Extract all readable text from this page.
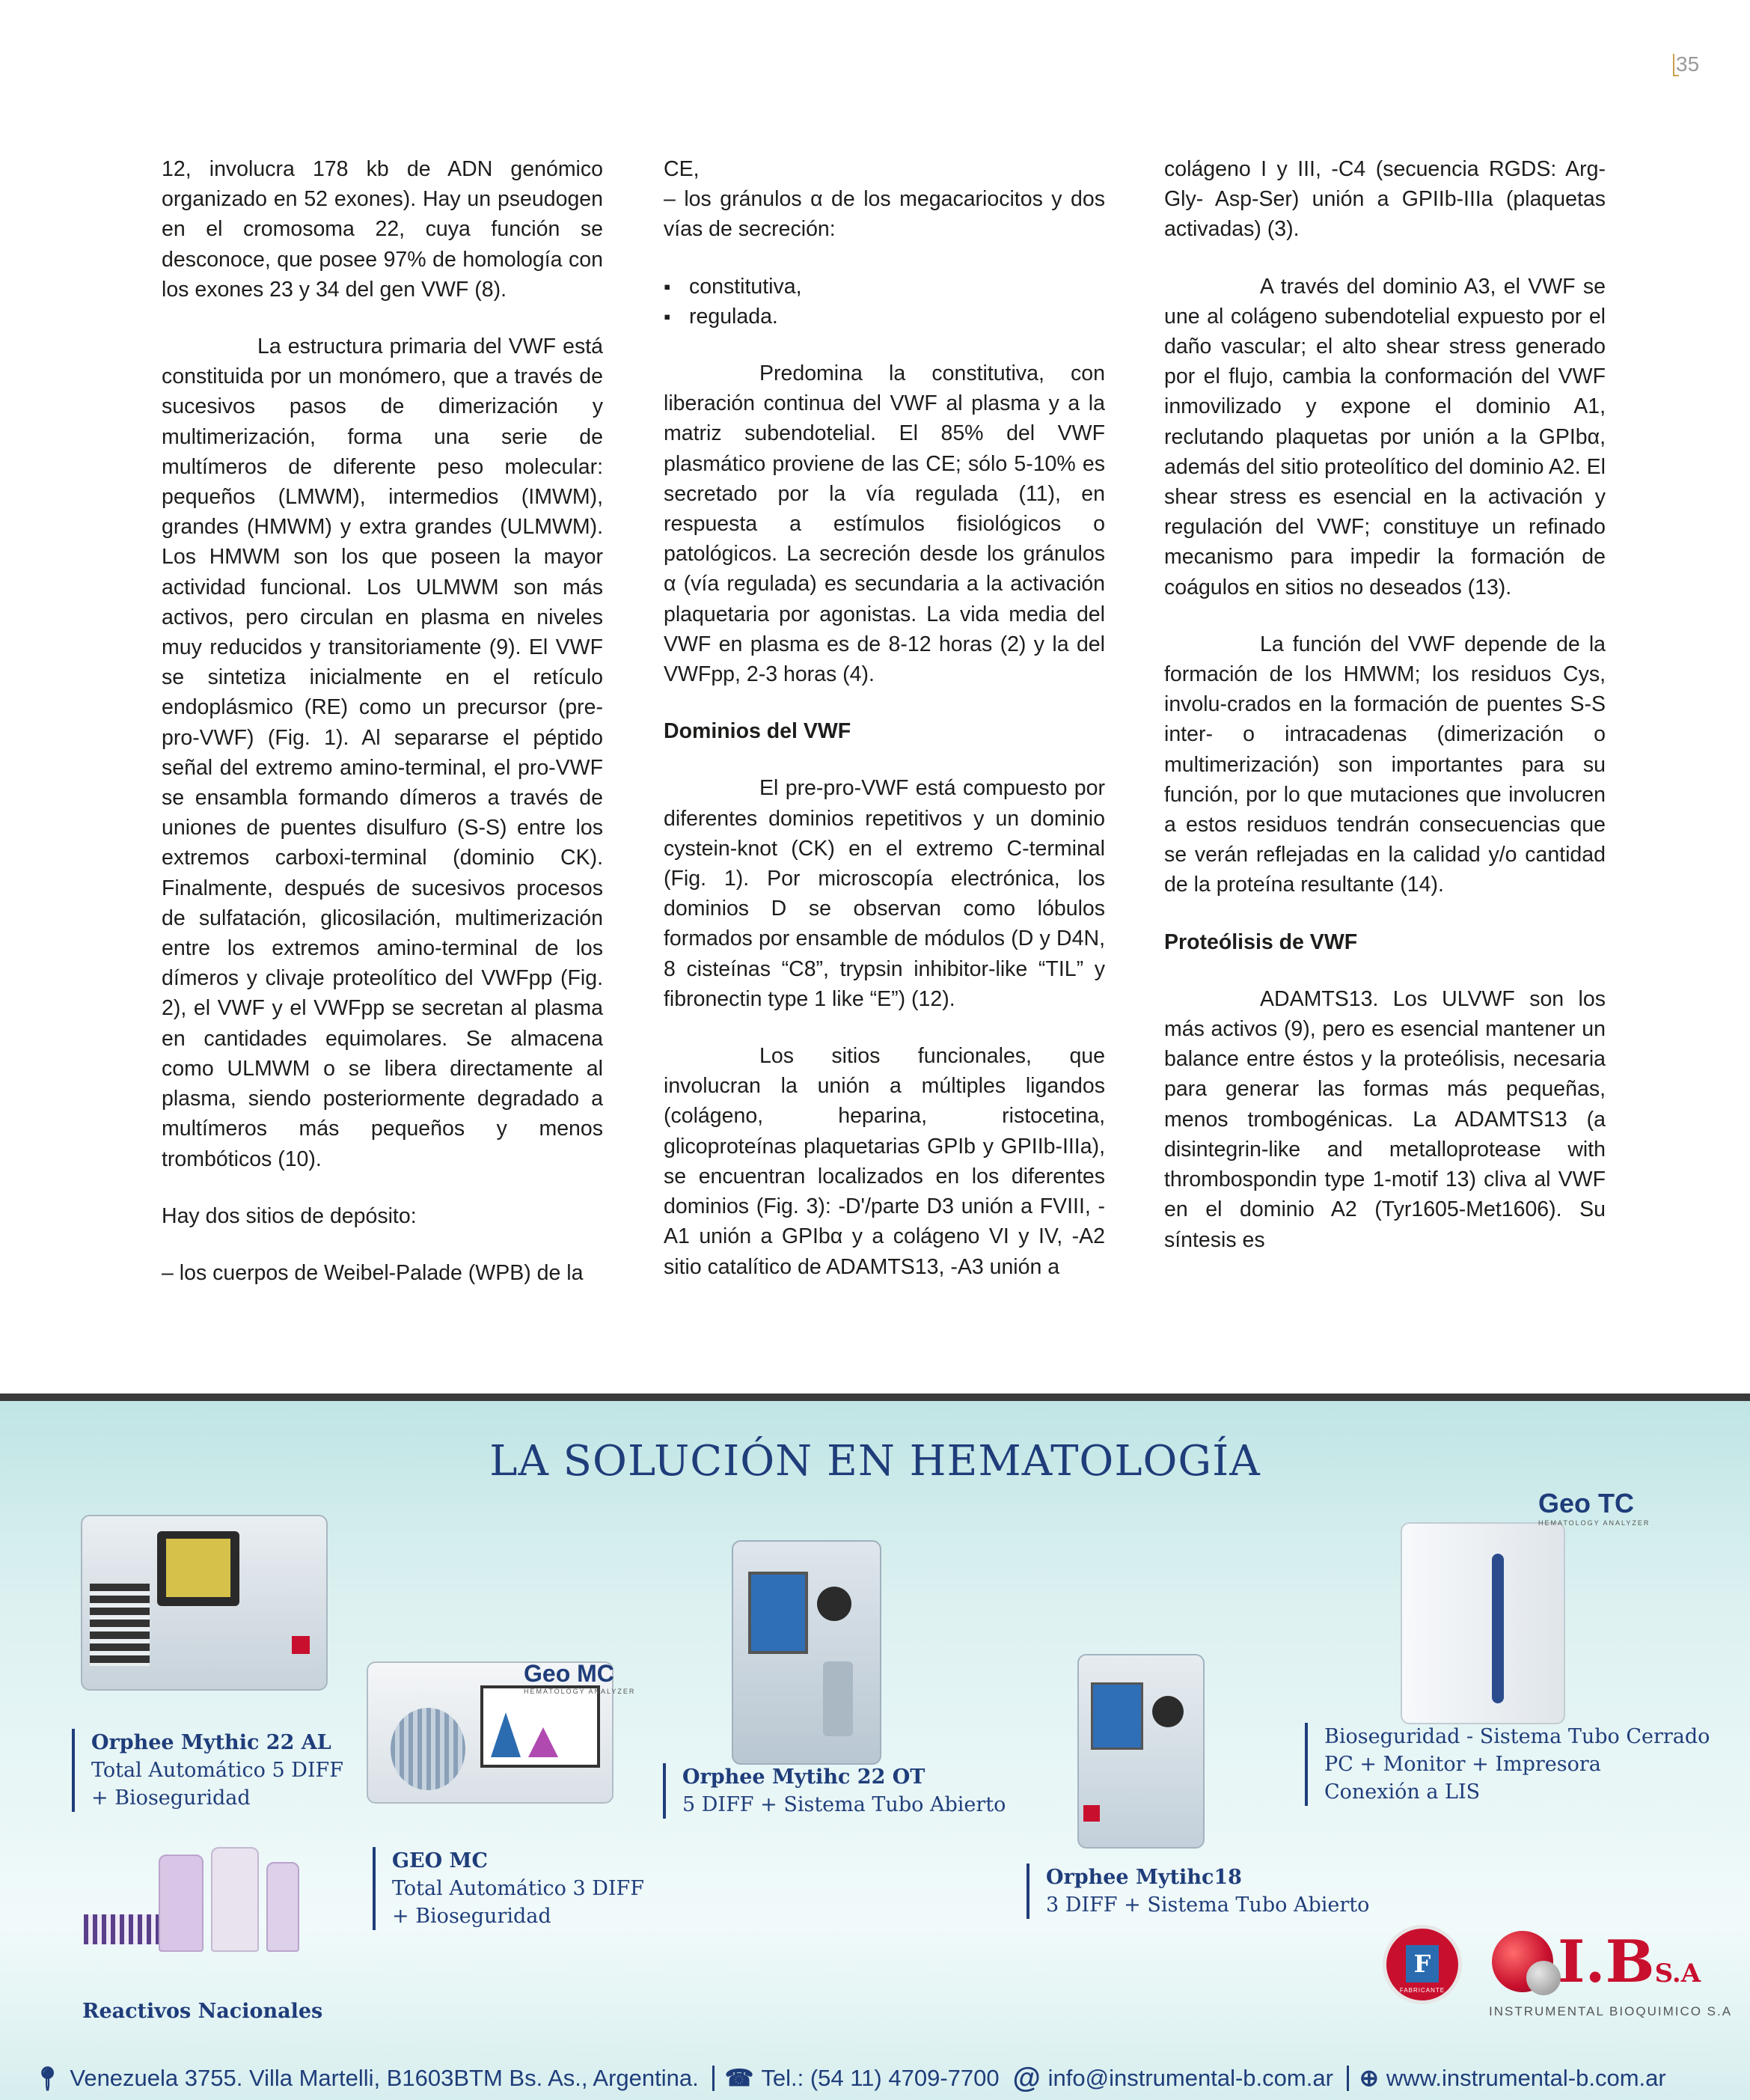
35

12, involucra 178 kb de ADN genómico organizado en 52 exones). Hay un pseudogen en el cromosoma 22, cuya función se desconoce, que posee 97% de homología con los exones 23 y 34 del gen VWF (8).

La estructura primaria del VWF está constituida por un monómero, que a través de sucesivos pasos de dimerización y multimerización, forma una serie de multímeros de diferente peso molecular: pequeños (LMWM), intermedios (IMWM), grandes (HMWM) y extra grandes (ULMWM). Los HMWM son los que poseen la mayor actividad funcional. Los ULMWM son más activos, pero circulan en plasma en niveles muy reducidos y transitoriamente (9). El VWF se sintetiza inicialmente en el retículo endoplásmico (RE) como un precursor (pre-pro-VWF) (Fig. 1). Al separarse el péptido señal del extremo amino-terminal, el pro-VWF se ensambla formando dímeros a través de uniones de puentes disulfuro (S-S) entre los extremos carboxi-terminal (dominio CK). Finalmente, después de sucesivos procesos de sulfatación, glicosilación, multimerización entre los extremos amino-terminal de los dímeros y clivaje proteolítico del VWFpp (Fig. 2), el VWF y el VWFpp se secretan al plasma en cantidades equimolares. Se almacena como ULMWM o se libera directamente al plasma, siendo posteriormente degradado a multímeros más pequeños y menos trombóticos (10).

Hay dos sitios de depósito:

– los cuerpos de Weibel-Palade (WPB) de la

CE,

– los gránulos α de los megacariocitos y dos vías de secreción:

▪ constitutiva,
▪ regulada.

Predomina la constitutiva, con liberación continua del VWF al plasma y a la matriz subendotelial. El 85% del VWF plasmático proviene de las CE; sólo 5-10% es secretado por la vía regulada (11), en respuesta a estímulos fisiológicos o patológicos. La secreción desde los gránulos α (vía regulada) es secundaria a la activación plaquetaria por agonistas. La vida media del VWF en plasma es de 8-12 horas (2) y la del VWFpp, 2-3 horas (4).

Dominios del VWF

El pre-pro-VWF está compuesto por diferentes dominios repetitivos y un dominio cystein-knot (CK) en el extremo C-terminal (Fig. 1). Por microscopía electrónica, los dominios D se observan como lóbulos formados por ensamble de módulos (D y D4N, 8 cisteínas “C8”, trypsin inhibitor-like “TIL” y fibronectin type 1 like “E”) (12).

Los sitios funcionales, que involucran la unión a múltiples ligandos (colágeno, heparina, ristocetina, glicoproteínas plaquetarias GPIb y GPIIb-IIIa), se encuentran localizados en los diferentes dominios (Fig. 3): -D'/parte D3 unión a FVIII, -A1 unión a GPIbα y a colágeno VI y IV, -A2 sitio catalítico de ADAMTS13, -A3 unión a

colágeno I y III, -C4 (secuencia RGDS: Arg-Gly- Asp-Ser) unión a GPIIb-IIIa (plaquetas activadas) (3).

A través del dominio A3, el VWF se une al colágeno subendotelial expuesto por el daño vascular; el alto shear stress generado por el flujo, cambia la conformación del VWF inmovilizado y expone el dominio A1, reclutando plaquetas por unión a la GPIbα, además del sitio proteolítico del dominio A2. El shear stress es esencial en la activación y regulación del VWF; constituye un refinado mecanismo para impedir la formación de coágulos en sitios no deseados (13).

La función del VWF depende de la formación de los HMWM; los residuos Cys, involu-crados en la formación de puentes S-S inter- o intracadenas (dimerización o multimerización) son importantes para su función, por lo que mutaciones que involucren a estos residuos tendrán consecuencias que se verán reflejadas en la calidad y/o cantidad de la proteína resultante (14).

Proteólisis de VWF

ADAMTS13. Los ULVWF son los más activos (9), pero es esencial mantener un balance entre éstos y la proteólisis, necesaria para generar las formas más pequeñas, menos trombogénicas. La ADAMTS13 (a disintegrin-like and metalloprotease with thrombospondin type 1-motif 13) cliva al VWF en el dominio A2 (Tyr1605-Met1606). Su síntesis es

LA SOLUCIÓN EN HEMATOLOGÍA
Geo MC
HEMATOLOGY ANALYZER
Geo TC
HEMATOLOGY ANALYZER
Orphee Mythic 22 AL
Total Automático 5 DIFF
+ Bioseguridad
GEO MC
Total Automático 3 DIFF
+ Bioseguridad
Orphee Mytihc 22 OT
5 DIFF + Sistema Tubo Abierto
Orphee Mytihc18
3 DIFF + Sistema Tubo Abierto
Bioseguridad - Sistema Tubo Cerrado
PC + Monitor + Impresora
Conexión a LIS
Reactivos Nacionales
F
FABRICANTE I.BS.A
INSTRUMENTAL BIOQUIMICO S.A
📍︎ Venezuela 3755. Villa Martelli, B1603BTM Bs. As., Argentina. ☎ Tel.: (54 11) 4709-7700 @ info@instrumental-b.com.ar ⊕ www.instrumental-b.com.ar
